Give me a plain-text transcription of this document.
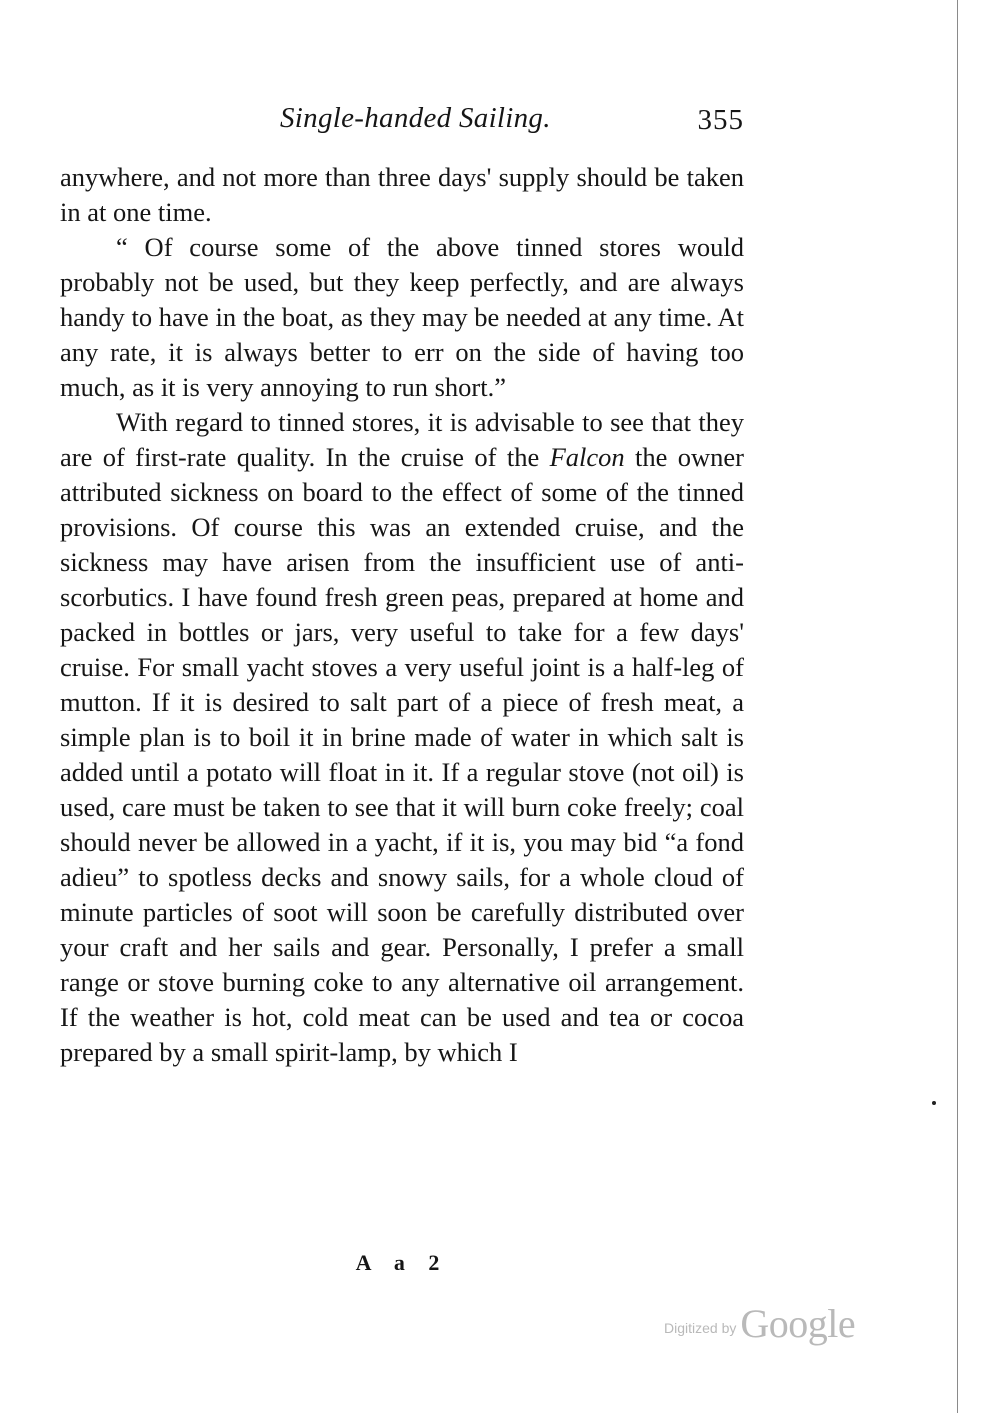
Single-handed Sailing.	355

anywhere, and not more than three days' supply should be taken in at one time.

“ Of course some of the above tinned stores would probably not be used, but they keep perfectly, and are always handy to have in the boat, as they may be needed at any time. At any rate, it is always better to err on the side of having too much, as it is very annoying to run short.”

With regard to tinned stores, it is advisable to see that they are of first-rate quality. In the cruise of the Falcon the owner attributed sickness on board to the effect of some of the tinned provisions. Of course this was an extended cruise, and the sickness may have arisen from the insufficient use of anti-scorbutics. I have found fresh green peas, prepared at home and packed in bottles or jars, very useful to take for a few days' cruise. For small yacht stoves a very useful joint is a half-leg of mutton. If it is desired to salt part of a piece of fresh meat, a simple plan is to boil it in brine made of water in which salt is added until a potato will float in it. If a regular stove (not oil) is used, care must be taken to see that it will burn coke freely; coal should never be allowed in a yacht, if it is, you may bid “a fond adieu” to spotless decks and snowy sails, for a whole cloud of minute particles of soot will soon be carefully distributed over your craft and her sails and gear. Personally, I prefer a small range or stove burning coke to any alternative oil arrangement. If the weather is hot, cold meat can be used and tea or cocoa prepared by a small spirit-lamp, by which I

A a 2
Digitized by Google
